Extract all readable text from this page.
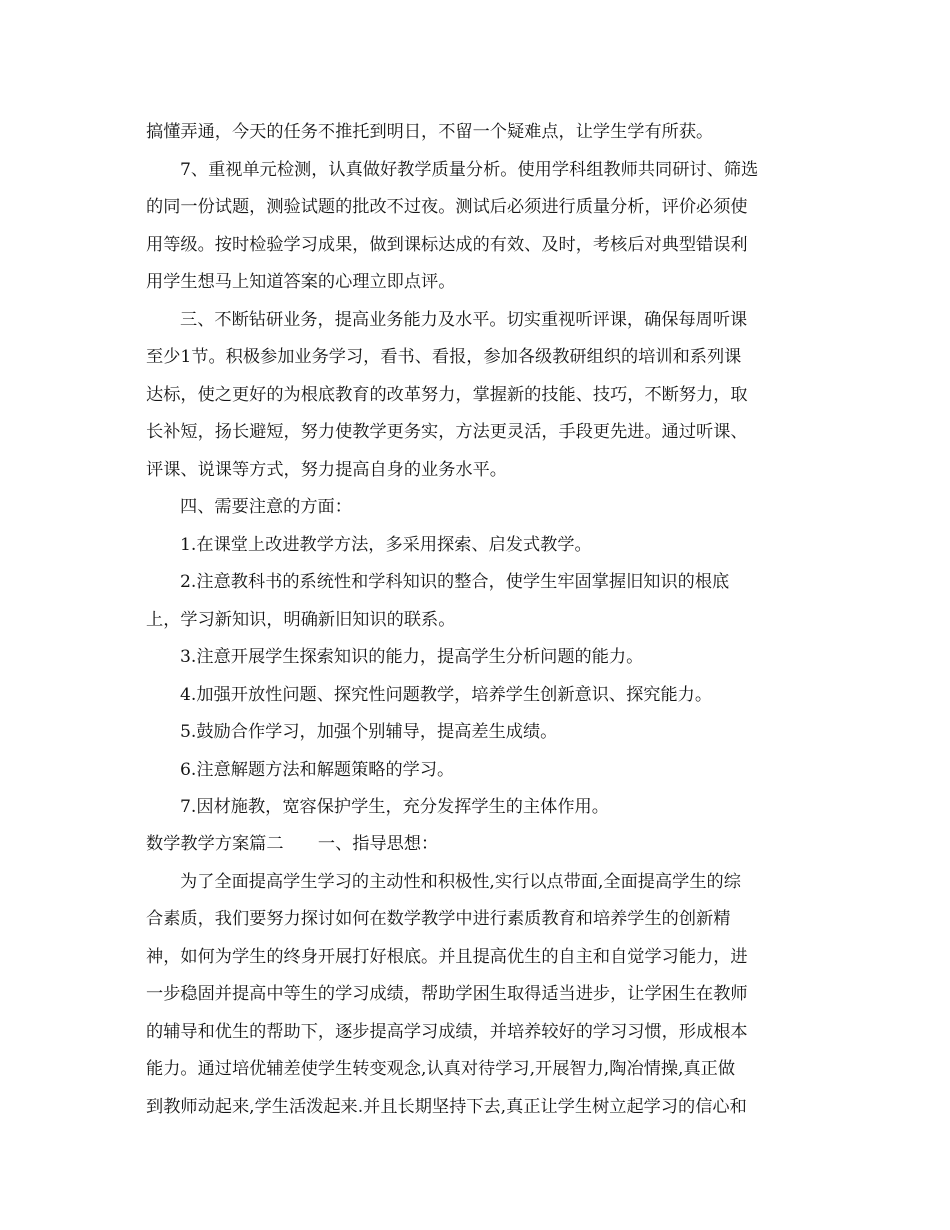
搞懂弄通，今天的任务不推托到明日，不留一个疑难点，让学生学有所获。
7、重视单元检测，认真做好教学质量分析。使用学科组教师共同研讨、筛选
的同一份试题，测验试题的批改不过夜。测试后必须进行质量分析，评价必须使
用等级。按时检验学习成果，做到课标达成的有效、及时，考核后对典型错误利
用学生想马上知道答案的心理立即点评。
三、不断钻研业务，提高业务能力及水平。切实重视听评课，确保每周听课
至少1节。积极参加业务学习，看书、看报，参加各级教研组织的培训和系列课
达标，使之更好的为根底教育的改革努力，掌握新的技能、技巧，不断努力，取
长补短，扬长避短，努力使教学更务实，方法更灵活，手段更先进。通过听课、
评课、说课等方式，努力提高自身的业务水平。
四、需要注意的方面：
1.在课堂上改进教学方法，多采用探索、启发式教学。
2.注意教科书的系统性和学科知识的整合，使学生牢固掌握旧知识的根底
上，学习新知识，明确新旧知识的联系。
3.注意开展学生探索知识的能力，提高学生分析问题的能力。
4.加强开放性问题、探究性问题教学，培养学生创新意识、探究能力。
5.鼓励合作学习，加强个别辅导，提高差生成绩。
6.注意解题方法和解题策略的学习。
7.因材施教，宽容保护学生，充分发挥学生的主体作用。
数学教学方案篇二　　一、指导思想：
为了全面提高学生学习的主动性和积极性,实行以点带面,全面提高学生的综
合素质，我们要努力探讨如何在数学教学中进行素质教育和培养学生的创新精
神，如何为学生的终身开展打好根底。并且提高优生的自主和自觉学习能力，进
一步稳固并提高中等生的学习成绩，帮助学困生取得适当进步，让学困生在教师
的辅导和优生的帮助下，逐步提高学习成绩，并培养较好的学习习惯，形成根本
能力。通过培优辅差使学生转变观念,认真对待学习,开展智力,陶冶情操,真正做
到教师动起来,学生活泼起来.并且长期坚持下去,真正让学生树立起学习的信心和
